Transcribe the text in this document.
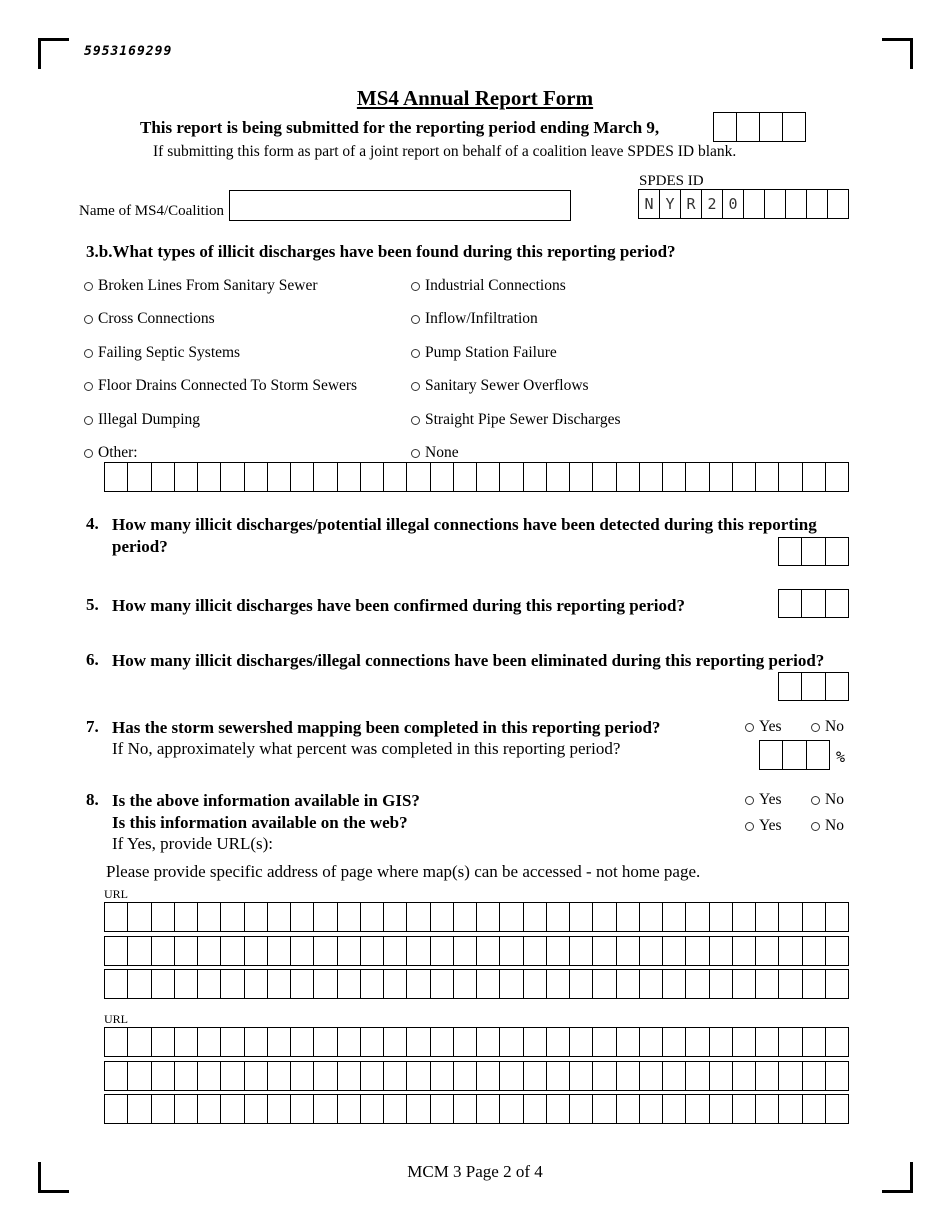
5953169299
MS4 Annual Report Form
This report is being submitted for the reporting period ending March 9,
If submitting this form as part of a joint report on behalf of a coalition leave SPDES ID blank.
SPDES ID
N Y R 2 0
Name of MS4/Coalition
3.b.What types of illicit discharges have been found during this reporting period?
Broken Lines From Sanitary Sewer
Cross Connections
Failing Septic Systems
Floor Drains Connected To Storm Sewers
Illegal Dumping
Other:
Industrial Connections
Inflow/Infiltration
Pump Station Failure
Sanitary Sewer Overflows
Straight Pipe Sewer Discharges
None
4. How many illicit discharges/potential illegal connections have been detected during this reporting period?
5. How many illicit discharges have been confirmed during this reporting period?
6. How many illicit discharges/illegal connections have been eliminated during this reporting period?
7. Has the storm sewershed mapping been completed in this reporting period?	Yes	No
If No, approximately what percent was completed in this reporting period?	%
8. Is the above information available in GIS?	Yes	No
Is this information available on the web?	Yes	No
If Yes, provide URL(s):
Please provide specific address of page where map(s) can be accessed - not home page.
URL
URL
MCM 3 Page 2 of 4
